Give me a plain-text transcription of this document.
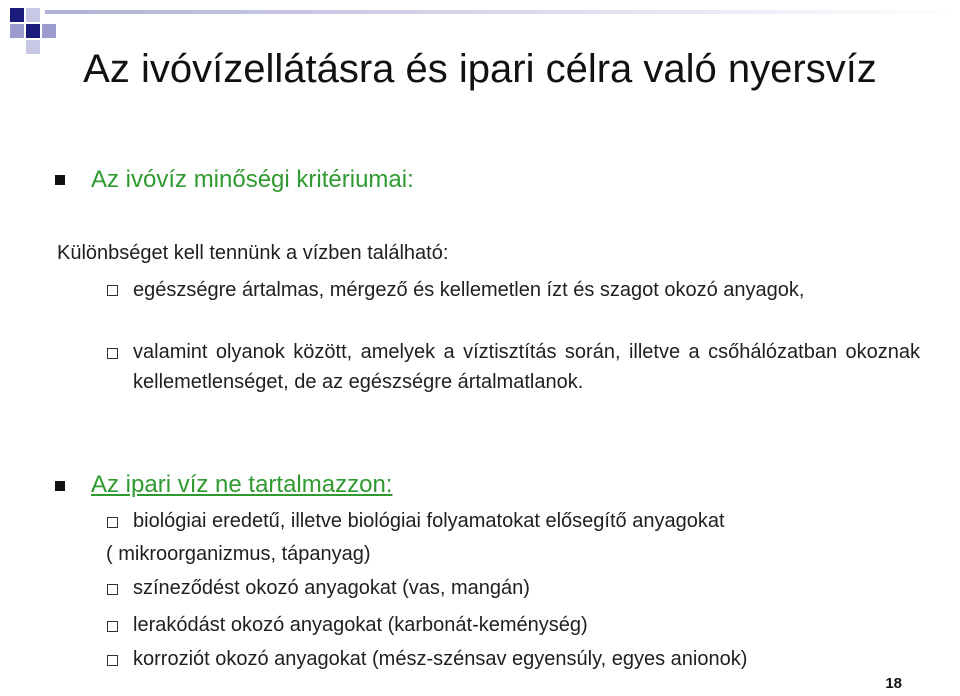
Az ivóvízellátásra és ipari célra való nyersvíz
Az ivóvíz minőségi kritériumai:
Különbséget kell tennünk a vízben található:
egészségre ártalmas, mérgező és kellemetlen ízt és szagot okozó anyagok,
valamint olyanok között, amelyek a víztisztítás során, illetve a csőhálózatban okoznak kellemetlenséget, de az egészségre ártalmatlanok.
Az ipari víz ne tartalmazzon:
biológiai eredetű, illetve biológiai folyamatokat elősegítő anyagokat
( mikroorganizmus, tápanyag)
színeződést okozó anyagokat (vas, mangán)
lerakódást okozó anyagokat (karbonát-keménység)
korroziót okozó anyagokat (mész-szénsav egyensúly, egyes anionok)
18
